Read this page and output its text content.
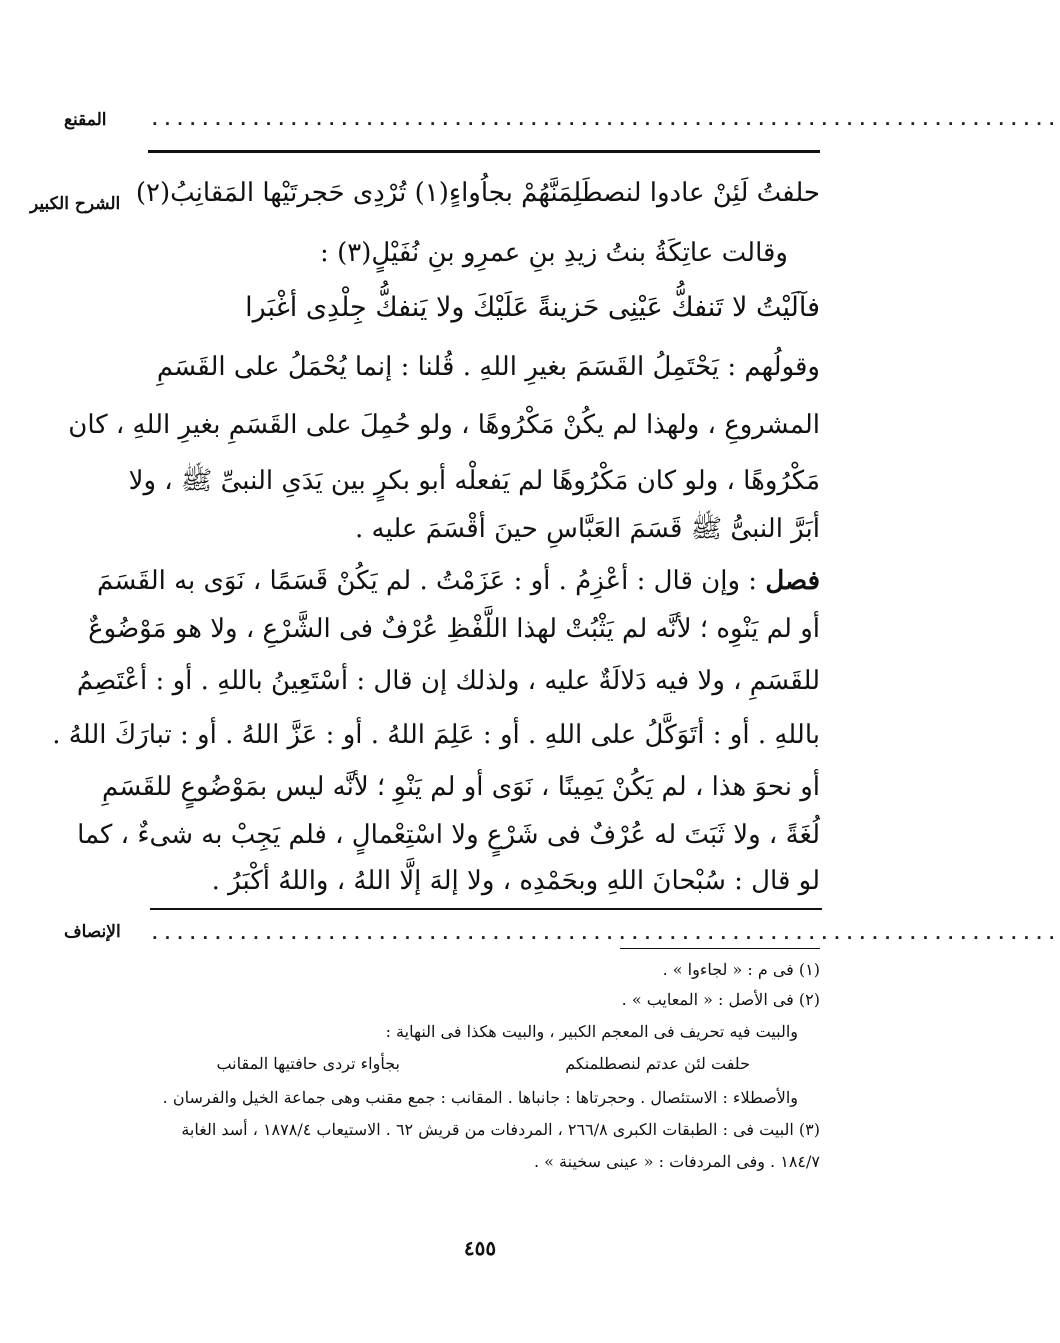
المقنع	........................................................................
الشرح الكبير حلفتُ لَئِنْ عادوا لنصطَلِمَنَّهُمْ بجاُواءٍ(١) تُرْدِى حَجرتَيْها المَقانِبُ(٢)
وقالت عاتِكَةُ بنتُ زيدِ بنِ عمرِو بنِ نُفَيْلٍ(٣) :
فآلَيْتُ لا تَنفكُّ عَيْنِى حَزينةً عَلَيْكَ ولا يَنفكُّ جِلْدِى أغْبَرا
وقولُهم : يَحْتَمِلُ القَسَمَ بغيرِ اللهِ . قُلنا : إنما يُحْمَلُ على القَسَمِ
المشروعِ ، ولهذا لم يكُنْ مَكْرُوهًا ، ولو حُمِلَ على القَسَمِ بغيرِ اللهِ ، كان
مَكْرُوهًا ، ولو كان مَكْرُوهًا لم يَفعلْه أبو بكرٍ بين يَدَىِ النبىِّ ﷺ ، ولا
أبَرَّ النبىُّ ﷺ قَسَمَ العَبَّاسِ حينَ أقْسَمَ عليه .
فصل : وإن قال : أعْزِمُ . أو : عَزَمْتُ . لم يَكُنْ قَسَمًا ، نَوَى به القَسَمَ
أو لم يَنْوِه ؛ لأنَّه لم يَثْبُتْ لهذا اللَّفْظِ عُرْفٌ فى الشَّرْعِ ، ولا هو مَوْضُوعٌ
للقَسَمِ ، ولا فيه دَلالَةٌ عليه ، ولذلك إن قال : أسْتَعِينُ باللهِ . أو : أعْتَصِمُ
باللهِ . أو : أتَوَكَّلُ على اللهِ . أو : عَلِمَ اللهُ . أو : عَزَّ اللهُ . أو : تبارَكَ اللهُ .
أو نحوَ هذا ، لم يَكُنْ يَمِينًا ، نَوَى أو لم يَنْوِ ؛ لأنَّه ليس بمَوْضُوعٍ للقَسَمِ
لُغَةً ، ولا ثَبَتَ له عُرْفٌ فى شَرْعٍ ولا اسْتِعْمالٍ ، فلم يَجِبْ به شىءٌ ، كما
لو قال : سُبْحانَ اللهِ وبحَمْدِه ، ولا إلهَ إلَّا اللهُ ، واللهُ أكْبَرُ .
الإنصاف ........................................................................
(١) فى م : « لجاءوا » .
(٢) فى الأصل : « المعايب » .
والبيت فيه تحريف فى المعجم الكبير ، والبيت هكذا فى النهاية :
حلفت لئن عدتم لنصطلمنكم
بجأواء تردى حافتيها المقانب
والأصطلاء : الاستئصال . وحجرتاها : جانباها . المقانب : جمع مقنب وهى جماعة الخيل والفرسان .
(٣) البيت فى : الطبقات الكبرى ٢٦٦/٨ ، المردفات من قريش ٦٢ . الاستيعاب ١٨٧٨/٤ ، أسد الغابة
١٨٤/٧ . وفى المردفات : « عينى سخينة » .
٤٥٥
